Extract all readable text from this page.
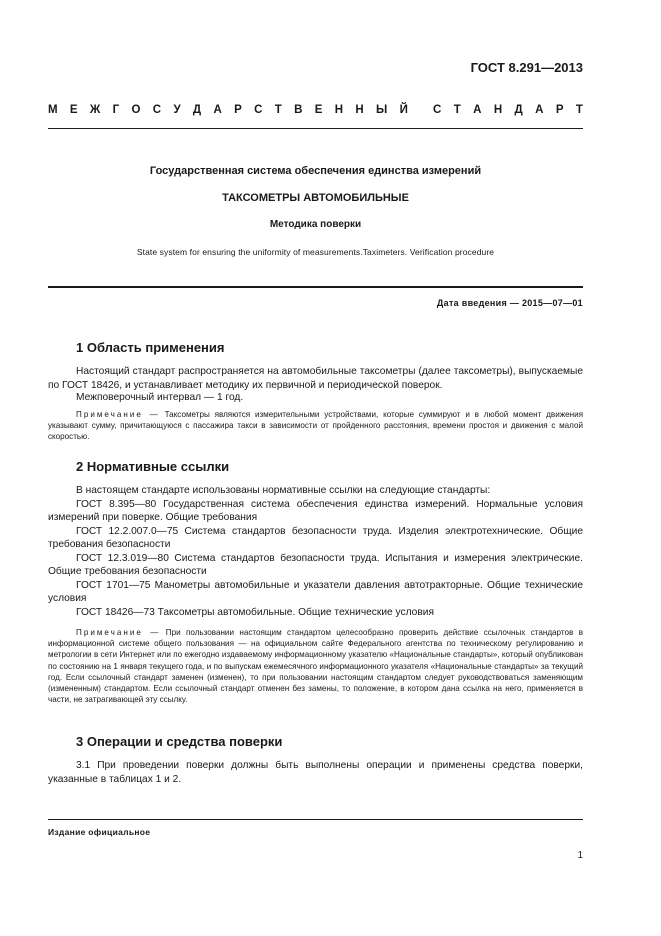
ГОСТ 8.291—2013
М Е Ж Г О С У Д А Р С Т В Е Н Н Ы Й С Т А Н Д А Р Т
Государственная система обеспечения единства измерений
ТАКСОМЕТРЫ АВТОМОБИЛЬНЫЕ
Методика поверки
State system for ensuring the uniformity of measurements.Taximeters. Verification procedure
Дата введения — 2015—07—01
1 Область применения
Настоящий стандарт распространяется на автомобильные таксометры (далее таксометры), выпускаемые по ГОСТ 18426, и устанавливает методику их первичной и периодической поверок.
Межповерочный интервал — 1 год.
Примечание — Таксометры являются измерительными устройствами, которые суммируют и в любой момент движения указывают сумму, причитающуюся с пассажира такси в зависимости от пройденного расстояния, времени простоя и движения с малой скоростью.
2 Нормативные ссылки
В настоящем стандарте использованы нормативные ссылки на следующие стандарты:
ГОСТ 8.395—80 Государственная система обеспечения единства измерений. Нормальные условия измерений при поверке. Общие требования
ГОСТ 12.2.007.0—75 Система стандартов безопасности труда. Изделия электротехнические. Общие требования безопасности
ГОСТ 12.3.019—80 Система стандартов безопасности труда. Испытания и измерения электрические. Общие требования безопасности
ГОСТ 1701—75 Манометры автомобильные и указатели давления автотракторные. Общие технические условия
ГОСТ 18426—73 Таксометры автомобильные. Общие технические условия
Примечание — При пользовании настоящим стандартом целесообразно проверить действие ссылочных стандартов в информационной системе общего пользования — на официальном сайте Федерального агентства по техническому регулированию и метрологии в сети Интернет или по ежегодно издаваемому информационному указателю «Национальные стандарты», который опубликован по состоянию на 1 января текущего года, и по выпускам ежемесячного информационного указателя «Национальные стандарты» за текущий год. Если ссылочный стандарт заменен (изменен), то при пользовании настоящим стандартом следует руководствоваться заменяющим (измененным) стандартом. Если ссылочный стандарт отменен без замены, то положение, в котором дана ссылка на него, применяется в части, не затрагивающей эту ссылку.
3 Операции и средства поверки
3.1 При проведении поверки должны быть выполнены операции и применены средства поверки, указанные в таблицах 1 и 2.
Издание официальное
1
